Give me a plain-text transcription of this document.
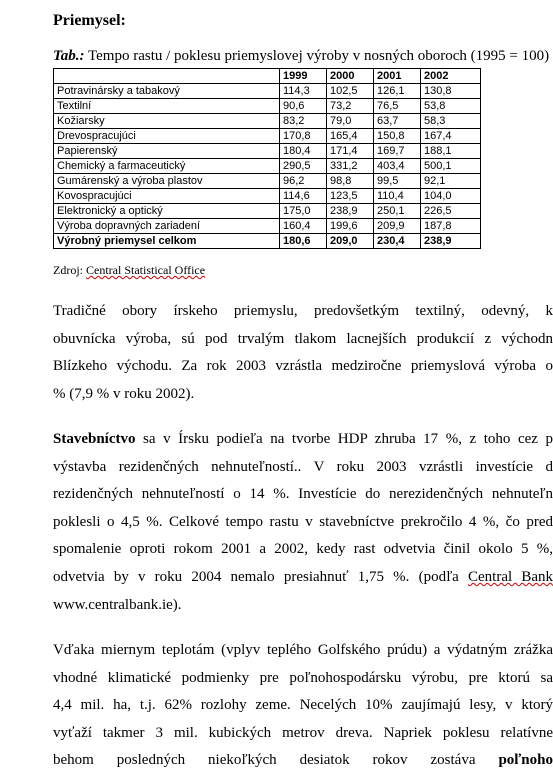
Priemysel:
Tab.: Tempo rastu / poklesu priemyslovej výroby v nosných oboroch (1995 = 100)
	1999	2000	2001	2002
Potravinársky a tabakový	114,3	102,5	126,1	130,8
Textilní	90,6	73,2	76,5	53,8
Kožiarsky	83,2	79,0	63,7	58,3
Drevospracujúci	170,8	165,4	150,8	167,4
Papierenský	180,4	171,4	169,7	188,1
Chemický a farmaceutický	290,5	331,2	403,4	500,1
Gumárenský a výroba plastov	96,2	98,8	99,5	92,1
Kovospracujúci	114,6	123,5	110,4	104,0
Elektronický a optický	175,0	238,9	250,1	226,5
Výroba dopravných zariadení	160,4	199,6	209,9	187,8
Výrobný priemysel celkom	180,6	209,0	230,4	238,9
Zdroj: Central Statistical Office
Tradičné obory írskeho priemyslu, predovšetkým textilný, odevný, k
obuvnícka výroba, sú pod trvalým tlakom lacnejších produkcií z východn
Blízkeho východu. Za rok 2003 vzrástla medziročne priemyslová výroba o
% (7,9 % v roku 2002).
Stavebníctvo sa v Írsku podieľa na tvorbe HDP zhruba 17 %, z toho cez p
výstavba rezidenčných nehnuteľností.. V roku 2003 vzrástli investície d
rezidenčných nehnuteľností o 14 %. Investície do nerezidenčných nehnuteľn
poklesli o 4,5 %. Celkové tempo rastu v stavebníctve prekročilo 4 %, čo pred
spomalenie oproti rokom 2001 a 2002, kedy rast odvetvia činil okolo 5 %,
odvetvia by v roku 2004 nemalo presiahnuť 1,75 %. (podľa Central Bank
www.centralbank.ie).
Vďaka miernym teplotám (vplyv teplého Golfského prúdu) a výdatným zrážka
vhodné klimatické podmienky pre poľnohospodársku výrobu, pre ktorú sa
4,4 mil. ha, t.j. 62% rozlohy zeme. Necelých 10% zaujímajú lesy, v ktorý
vyťaží takmer 3 mil. kubických metrov dreva. Napriek poklesu relatívne
behom posledných niekoľkých desiatok rokov zostáva poľnoho
